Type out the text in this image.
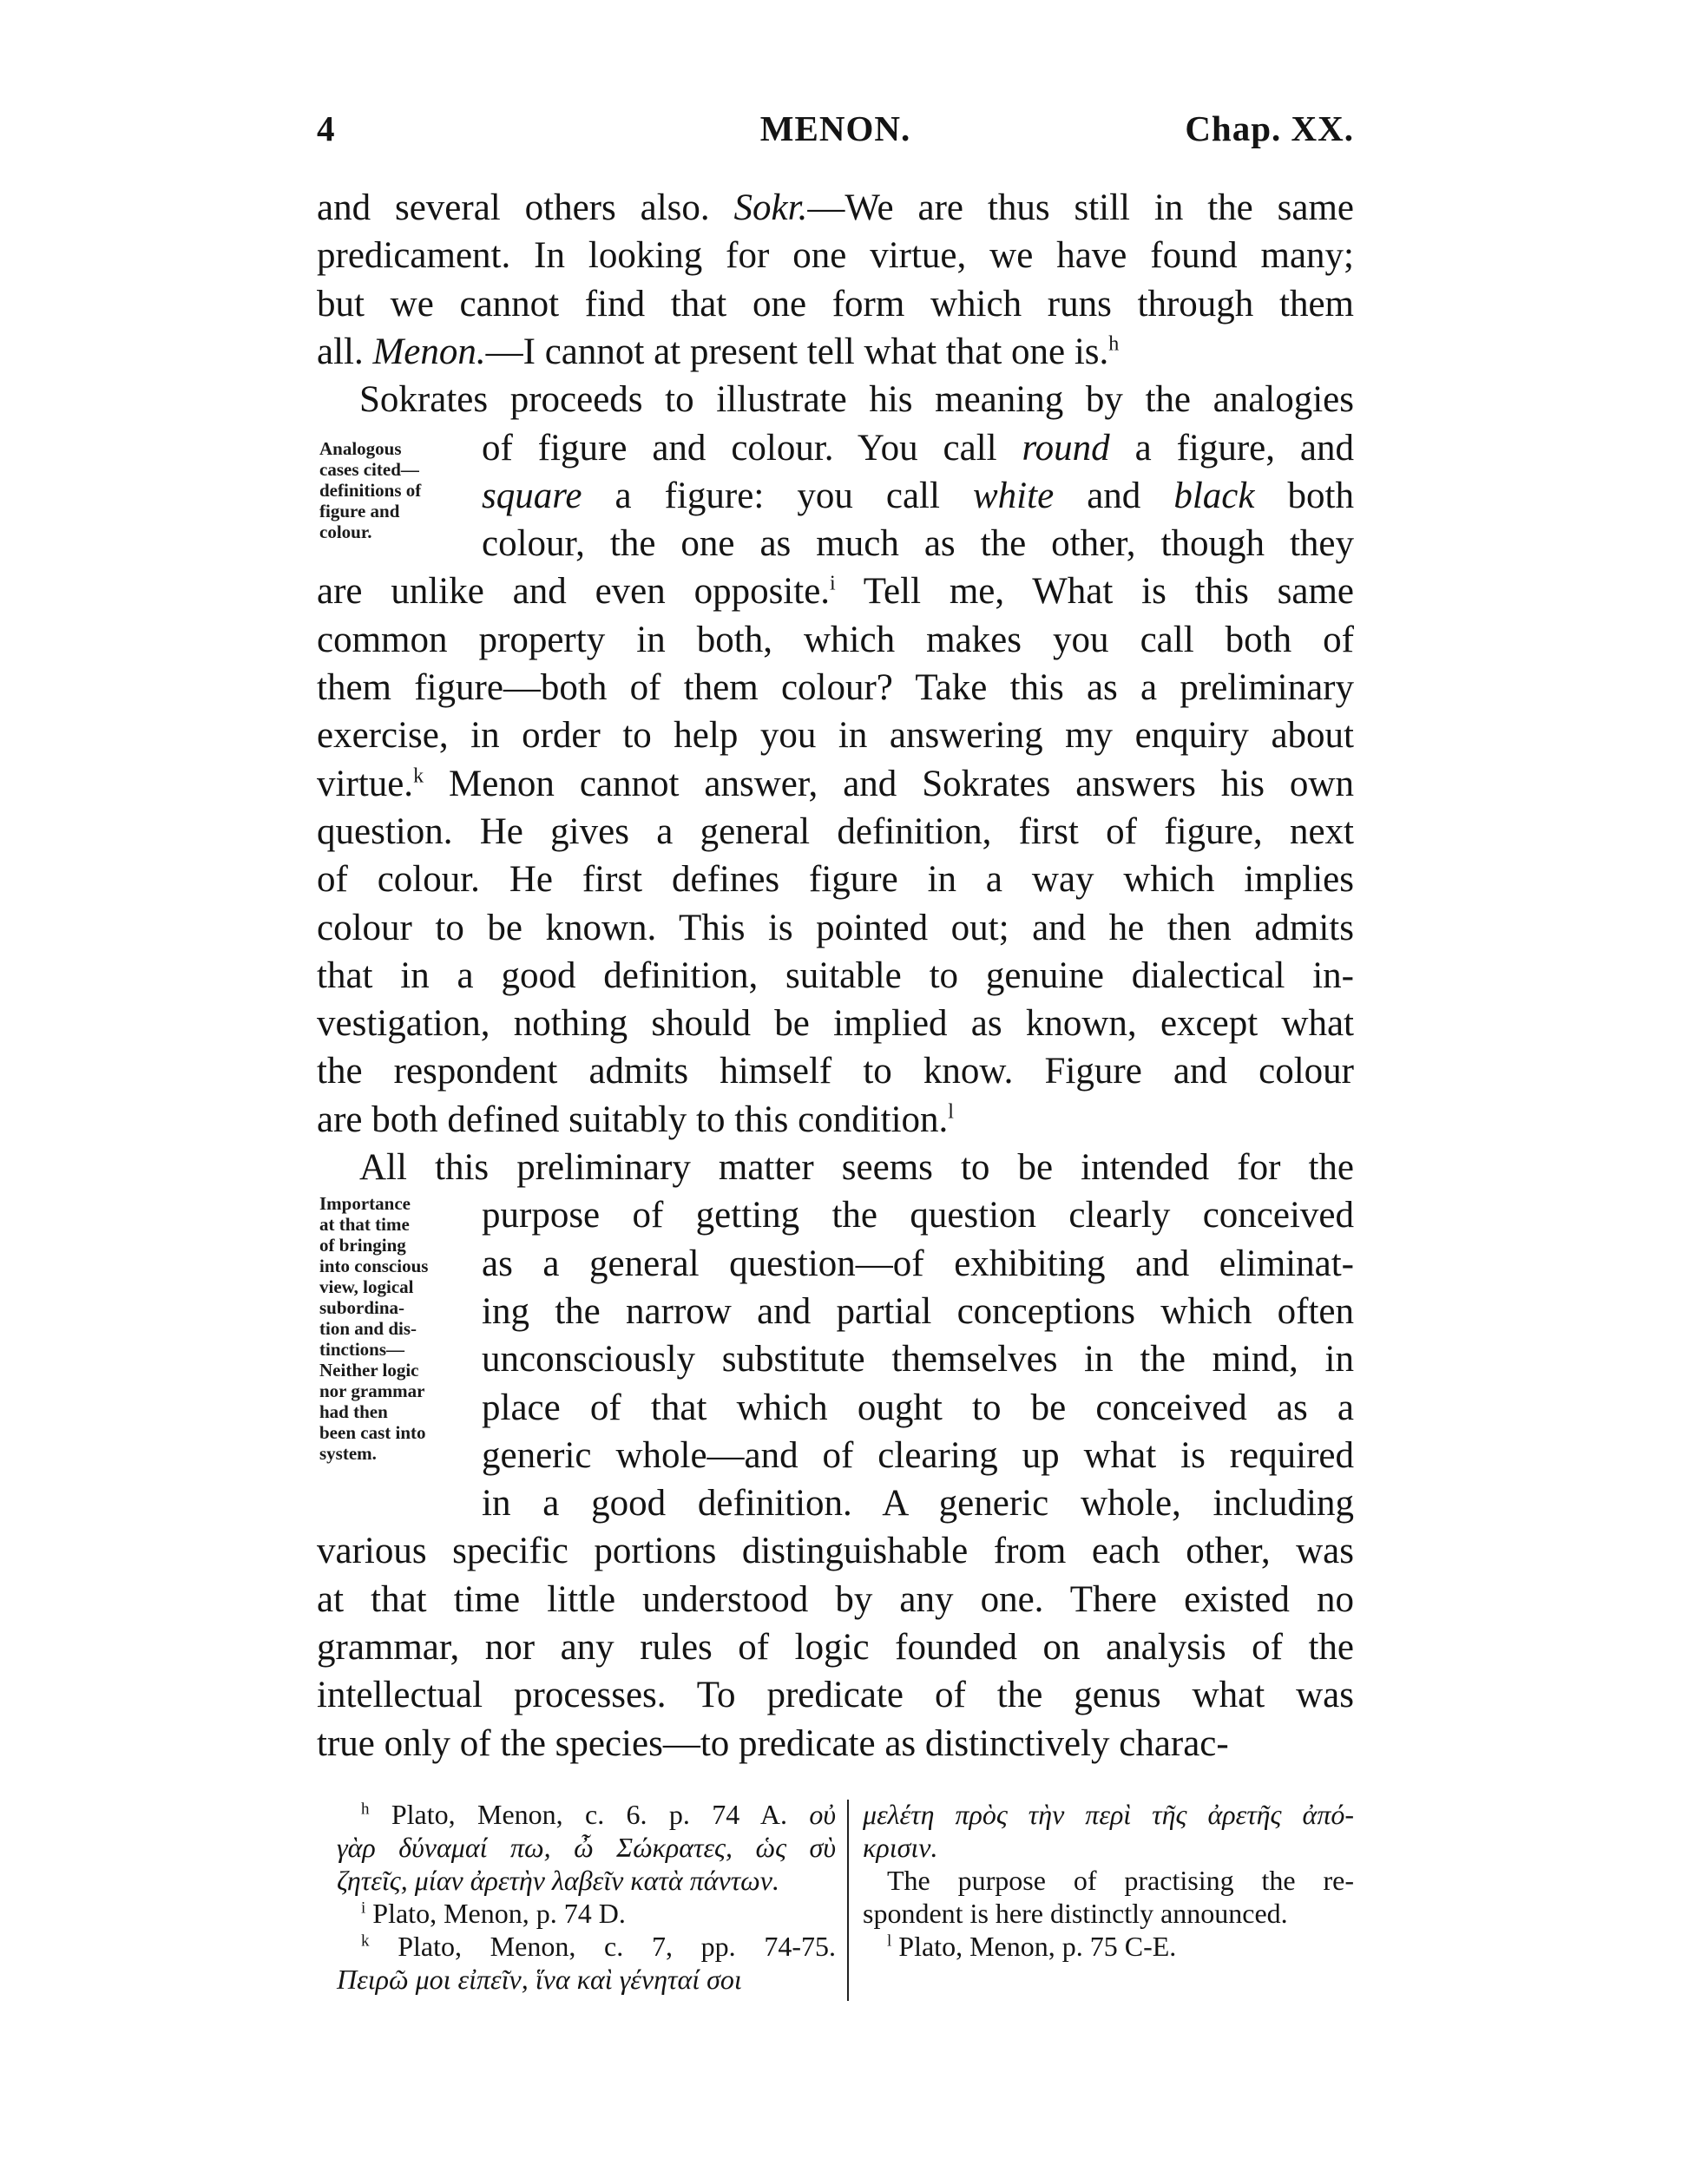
4	MENON.	Chap. XX.
and several others also. Sokr.—We are thus still in the same
predicament. In looking for one virtue, we have found many;
but we cannot find that one form which runs through them
all. Menon.—I cannot at present tell what that one is.$^h$
Sokrates proceeds to illustrate his meaning by the analogies
of figure and colour. You call round a figure, and
square a figure: you call white and black both
colour, the one as much as the other, though they
are unlike and even opposite.$^i$ Tell me, What is this same
common property in both, which makes you call both of
them figure—both of them colour? Take this as a preliminary
exercise, in order to help you in answering my enquiry about
virtue.$^k$ Menon cannot answer, and Sokrates answers his own
question. He gives a general definition, first of figure, next
of colour. He first defines figure in a way which implies
colour to be known. This is pointed out; and he then admits
that in a good definition, suitable to genuine dialectical in-
vestigation, nothing should be implied as known, except what
the respondent admits himself to know. Figure and colour
are both defined suitably to this condition.$^l$
All this preliminary matter seems to be intended for the
purpose of getting the question clearly conceived
as a general question—of exhibiting and eliminat-
ing the narrow and partial conceptions which often
unconsciously substitute themselves in the mind, in
place of that which ought to be conceived as a
generic whole—and of clearing up what is required
in a good definition. A generic whole, including
various specific portions distinguishable from each other, was
at that time little understood by any one. There existed no
grammar, nor any rules of logic founded on analysis of the
intellectual processes. To predicate of the genus what was
true only of the species—to predicate as distinctively charac-
Analogous
cases cited—
definitions of
figure and
colour.
Importance
at that time
of bringing
into conscious
view, logical
subordina-
tion and dis-
tinctions—
Neither logic
nor grammar
had then
been cast into
system.
$^h$ Plato, Menon, c. 6. p. 74 A. οὐ
γὰρ δύναμαί πω, ὦ Σώκρατες, ὡς σὺ
ζητεῖς, μίαν ἀρετὴν λαβεῖν κατὰ πάντων.
$^i$ Plato, Menon, p. 74 D.
$^k$ Plato, Menon, c. 7, pp. 74-75.
Πειρῶ μοι εἰπεῖν, ἵνα καὶ γένηταί σοι
μελέτη πρὸς τὴν περὶ τῆς ἀρετῆς ἀπό-
κρισιν.
The purpose of practising the re-
spondent is here distinctly announced.
$^l$ Plato, Menon, p. 75 C-E.
